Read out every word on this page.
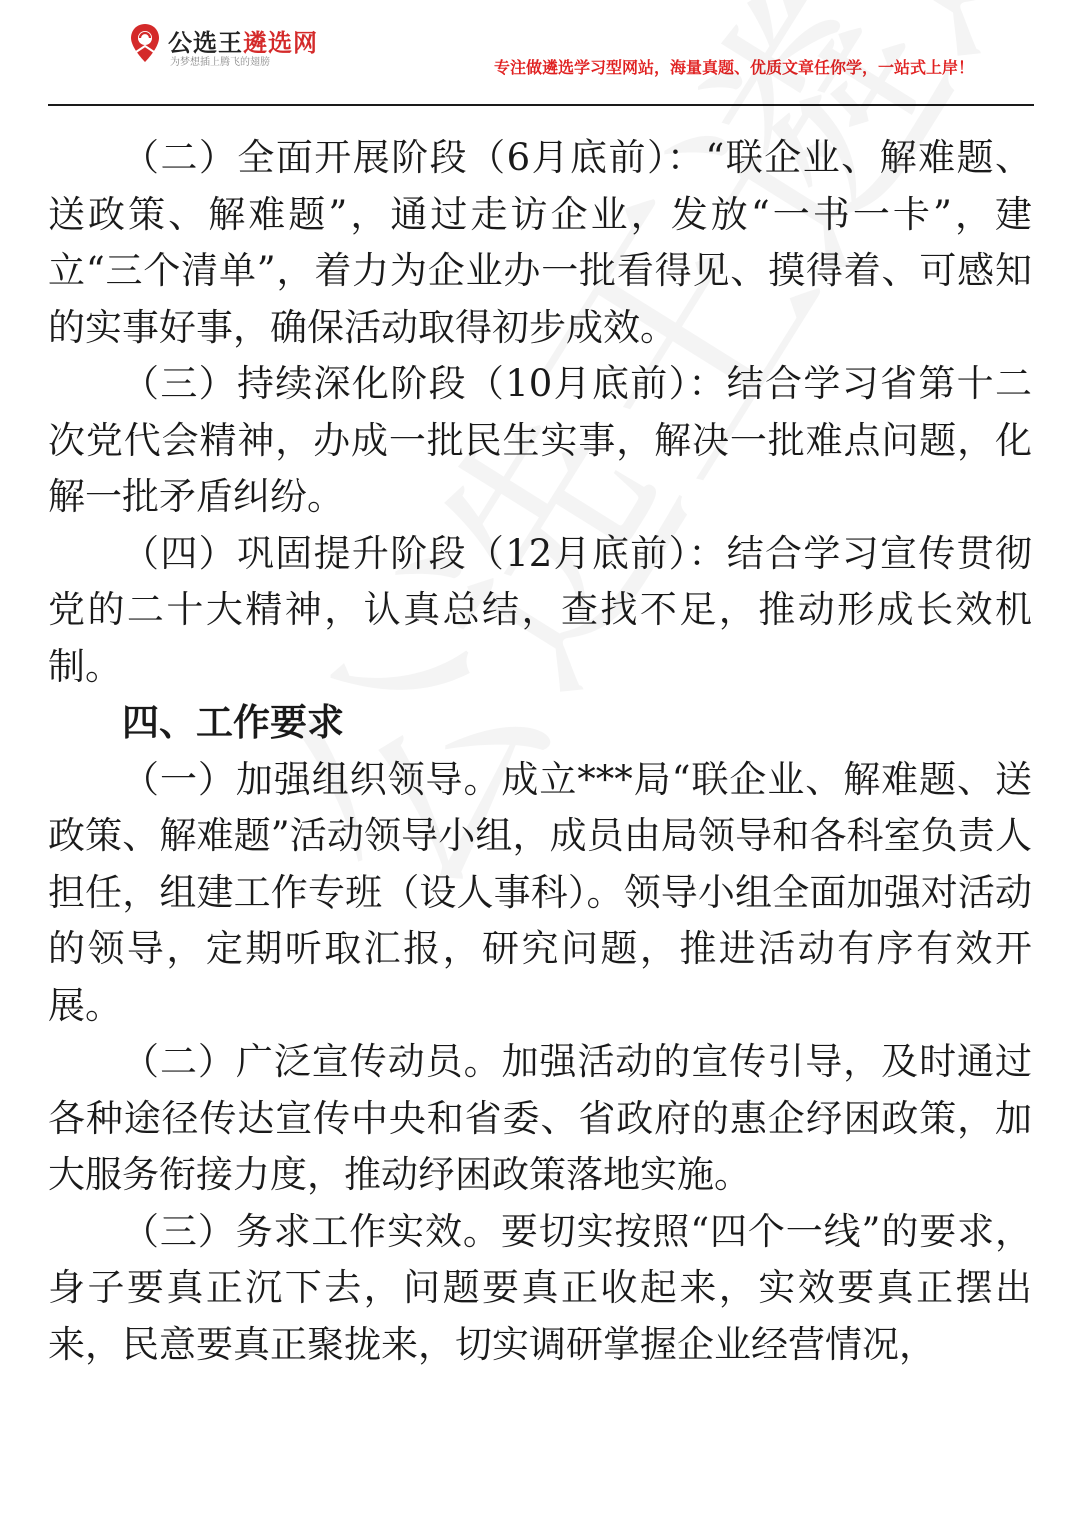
公选王遴选网
为梦想插上腾飞的翅膀	专注做遴选学习型网站，海量真题、优质文章任你学，一站式上岸！

（二）全面开展阶段（6月底前）：“联企业、解难题、送政策、解难题”，通过走访企业，发放“一书一卡”，建立“三个清单”，着力为企业办一批看得见、摸得着、可感知的实事好事，确保活动取得初步成效。

（三）持续深化阶段（10月底前）：结合学习省第十二次党代会精神，办成一批民生实事，解决一批难点问题，化解一批矛盾纠纷。

（四）巩固提升阶段（12月底前）：结合学习宣传贯彻党的二十大精神，认真总结，查找不足，推动形成长效机制。

四、工作要求

（一）加强组织领导。成立***局“联企业、解难题、送政策、解难题”活动领导小组，成员由局领导和各科室负责人担任，组建工作专班（设人事科）。领导小组全面加强对活动的领导，定期听取汇报，研究问题，推进活动有序有效开展。

（二）广泛宣传动员。加强活动的宣传引导，及时通过各种途径传达宣传中央和省委、省政府的惠企纾困政策，加大服务衔接力度，推动纾困政策落地实施。

（三）务求工作实效。要切实按照“四个一线”的要求，身子要真正沉下去，问题要真正收起来，实效要真正摆出来，民意要真正聚拢来，切实调研掌握企业经营情况，
